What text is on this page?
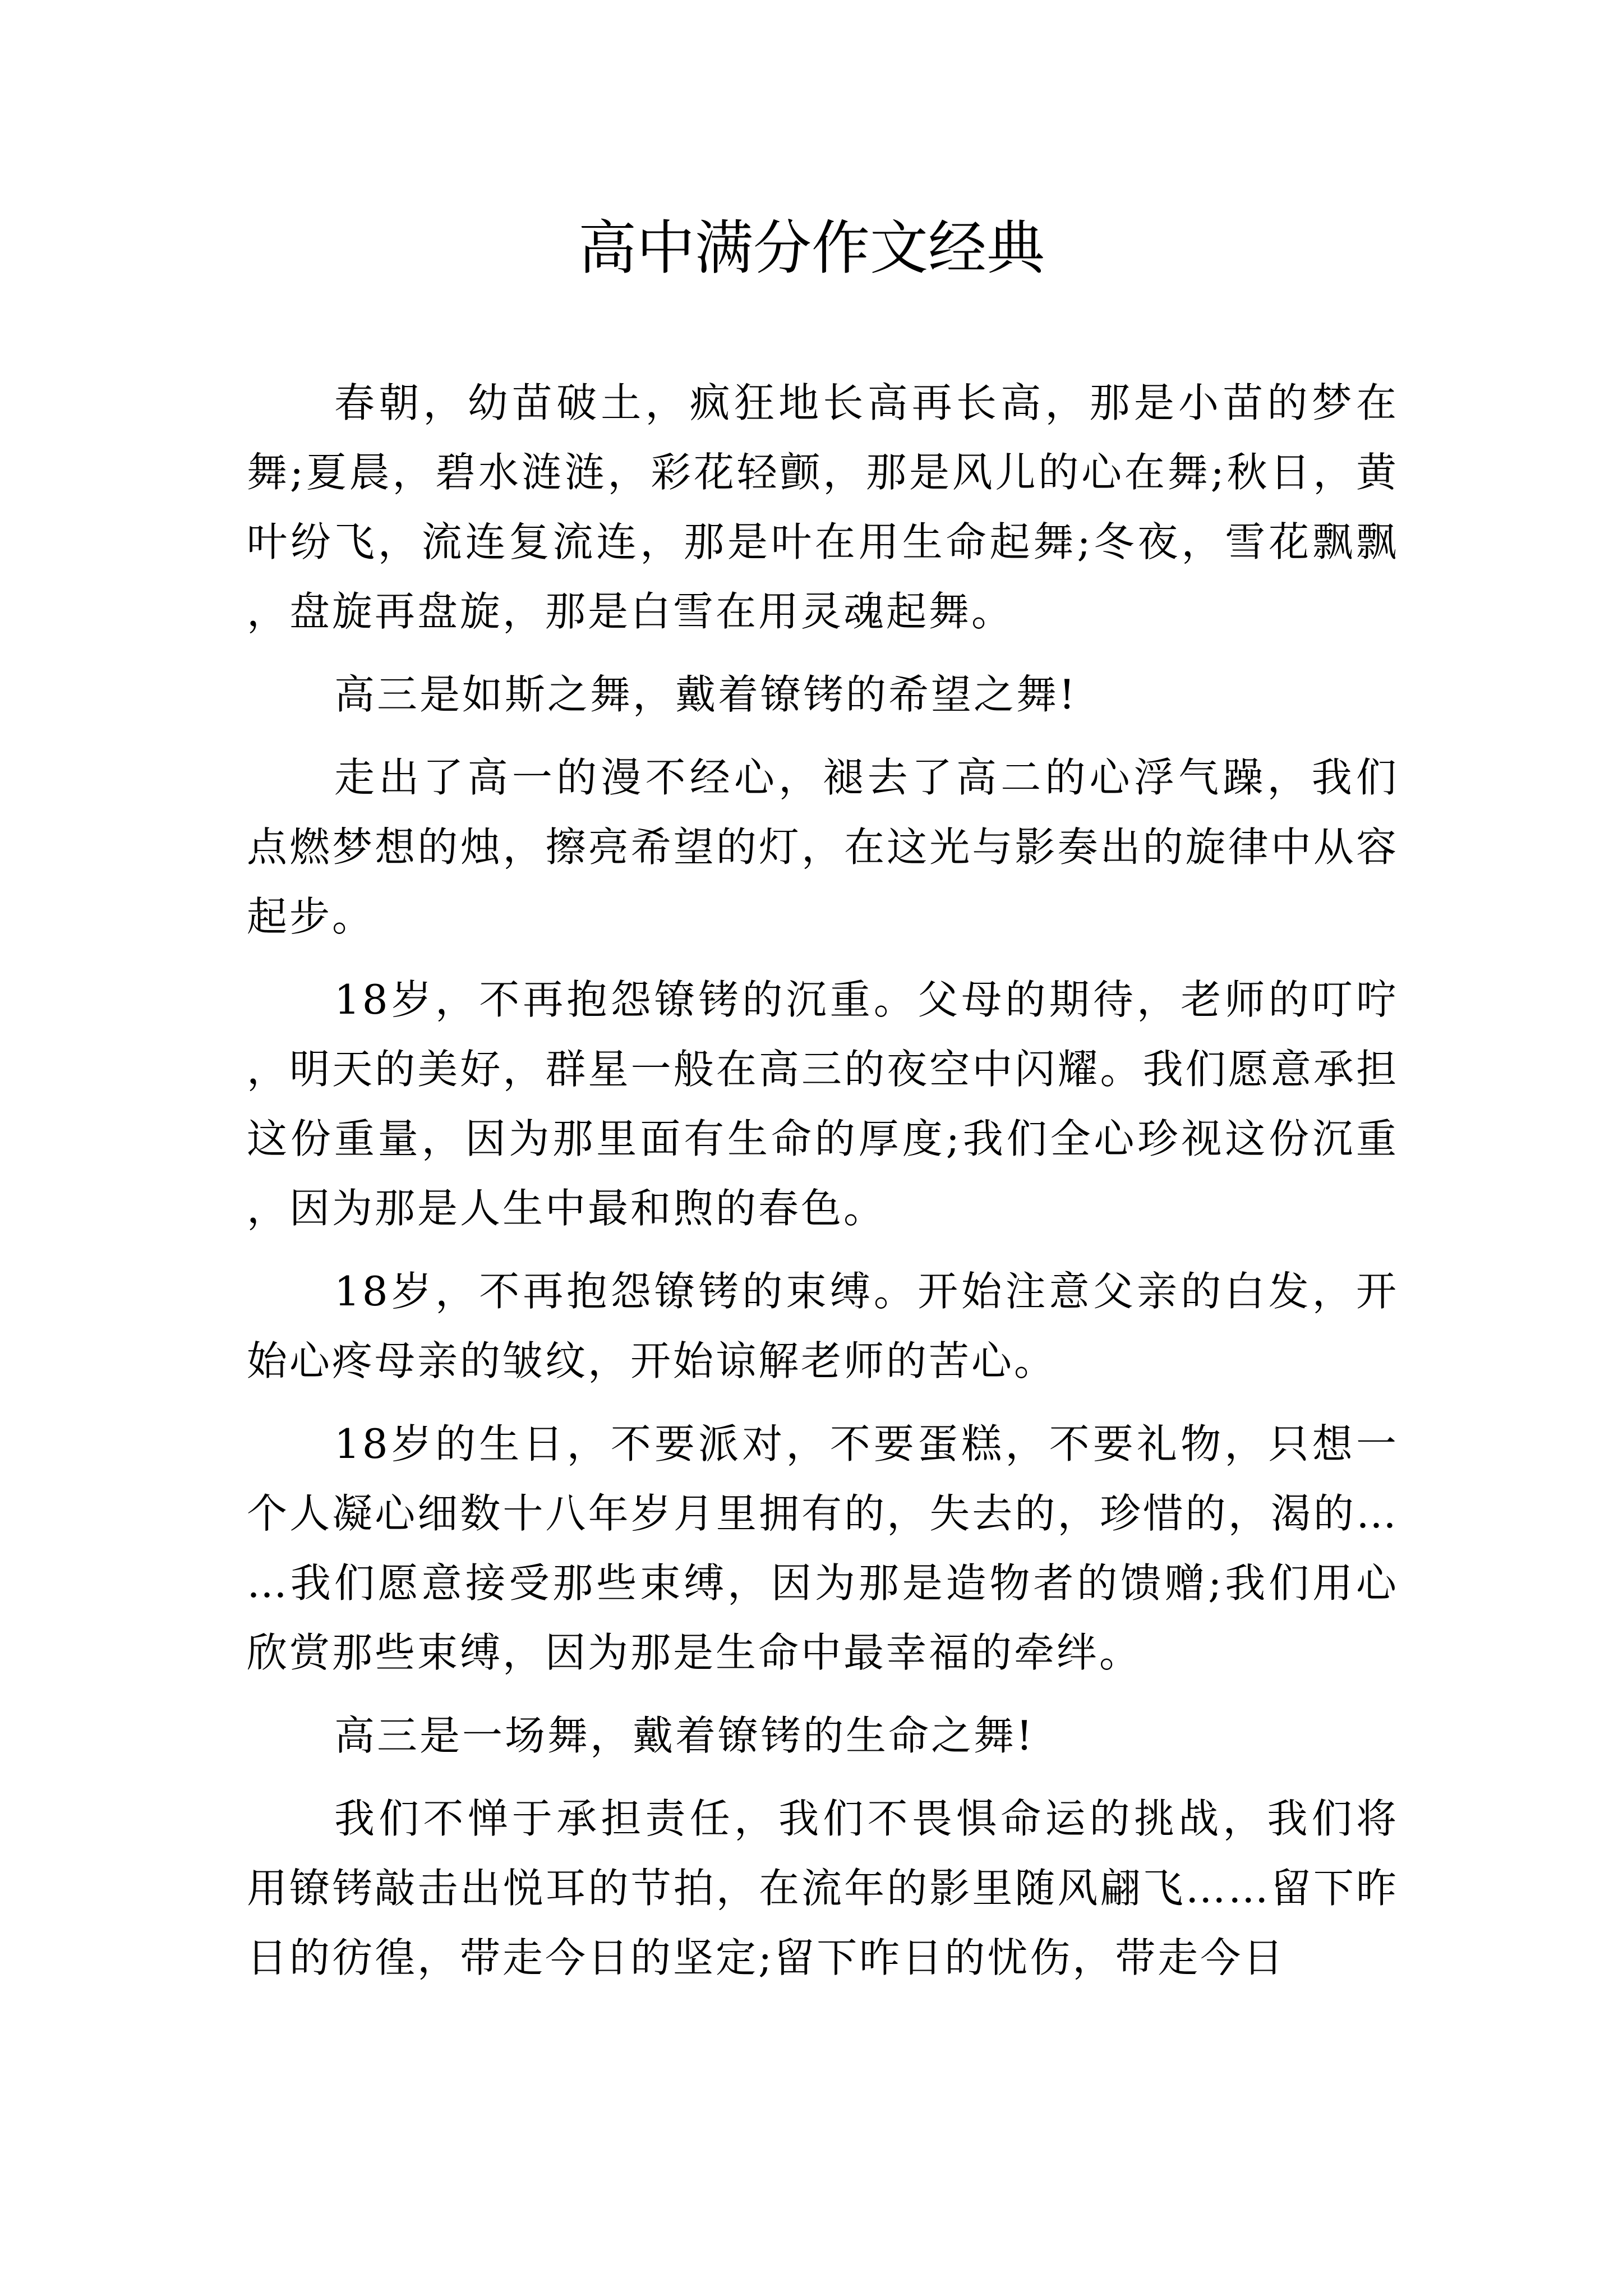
高中满分作文经典

春朝，幼苗破土，疯狂地长高再长高，那是小苗的梦在舞;夏晨，碧水涟涟，彩花轻颤，那是风儿的心在舞;秋日，黄叶纷飞，流连复流连，那是叶在用生命起舞;冬夜，雪花飘飘，盘旋再盘旋，那是白雪在用灵魂起舞。

高三是如斯之舞，戴着镣铐的希望之舞!

走出了高一的漫不经心，褪去了高二的心浮气躁，我们点燃梦想的烛，擦亮希望的灯，在这光与影奏出的旋律中从容起步。

18岁，不再抱怨镣铐的沉重。父母的期待，老师的叮咛，明天的美好，群星一般在高三的夜空中闪耀。我们愿意承担这份重量，因为那里面有生命的厚度;我们全心珍视这份沉重，因为那是人生中最和煦的春色。

18岁，不再抱怨镣铐的束缚。开始注意父亲的白发，开始心疼母亲的皱纹，开始谅解老师的苦心。

18岁的生日，不要派对，不要蛋糕，不要礼物，只想一个人凝心细数十八年岁月里拥有的，失去的，珍惜的，渴的……我们愿意接受那些束缚，因为那是造物者的馈赠;我们用心欣赏那些束缚，因为那是生命中最幸福的牵绊。

高三是一场舞，戴着镣铐的生命之舞!

我们不惮于承担责任，我们不畏惧命运的挑战，我们将用镣铐敲击出悦耳的节拍，在流年的影里随风翩飞……留下昨日的彷徨，带走今日的坚定;留下昨日的忧伤，带走今日
